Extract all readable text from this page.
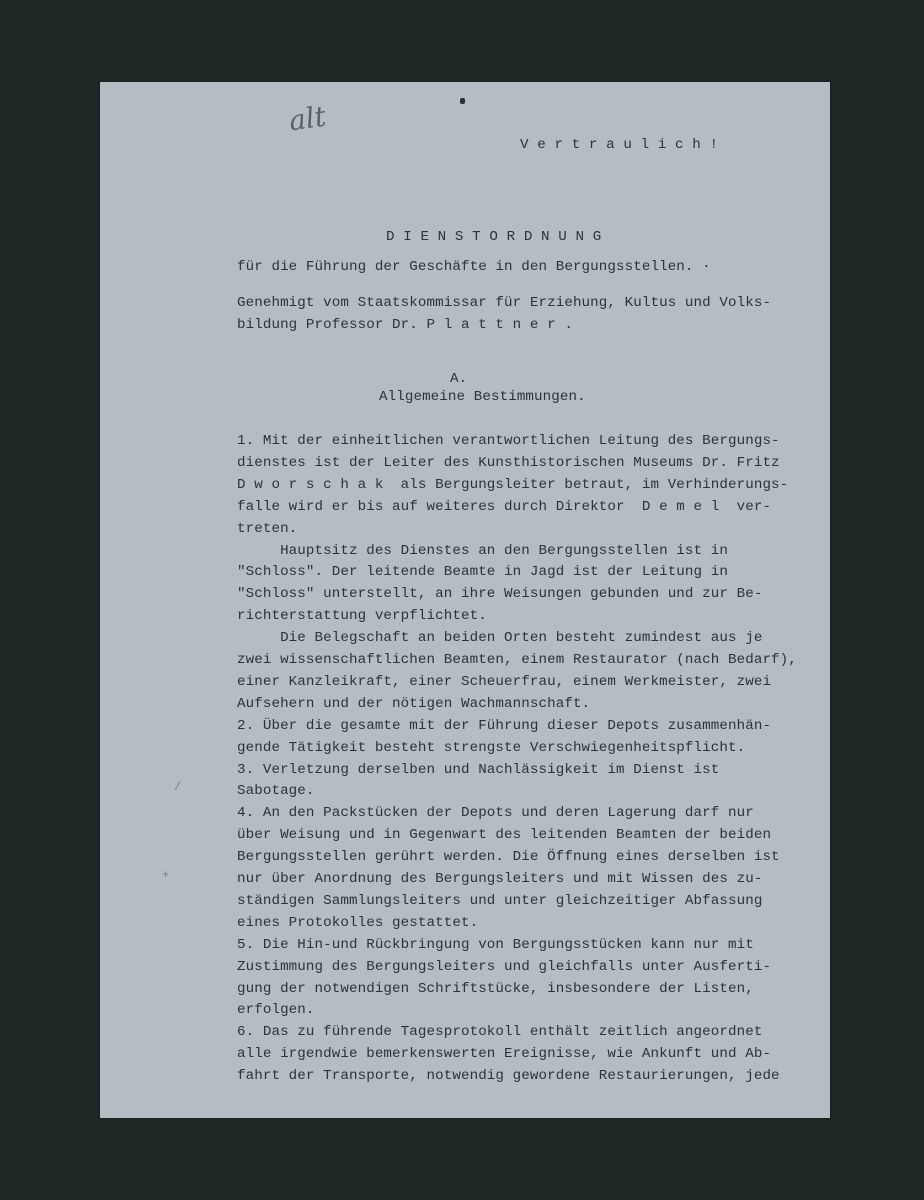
alt
V e r t r a u l i c h !
D I E N S T O R D N U N G
für die Führung der Geschäfte in den Bergungsstellen. ·
Genehmigt vom Staatskommissar für Erziehung, Kultus und Volks-
bildung Professor Dr. P l a t t n e r .
A.
Allgemeine Bestimmungen.
1. Mit der einheitlichen verantwortlichen Leitung des Bergungs-
dienstes ist der Leiter des Kunsthistorischen Museums Dr. Fritz
D w o r s c h a k  als Bergungsleiter betraut, im Verhinderungs-
falle wird er bis auf weiteres durch Direktor  D e m e l  ver-
treten.
Hauptsitz des Dienstes an den Bergungsstellen ist in
"Schloss". Der leitende Beamte in Jagd ist der Leitung in
"Schloss" unterstellt, an ihre Weisungen gebunden und zur Be-
richterstattung verpflichtet.
Die Belegschaft an beiden Orten besteht zumindest aus je
zwei wissenschaftlichen Beamten, einem Restaurator (nach Bedarf),
einer Kanzleikraft, einer Scheuerfrau, einem Werkmeister, zwei
Aufsehern und der nötigen Wachmannschaft.
2. Über die gesamte mit der Führung dieser Depots zusammenhän-
gende Tätigkeit besteht strengste Verschwiegenheitspflicht.
3. Verletzung derselben und Nachlässigkeit im Dienst ist
Sabotage.
4. An den Packstücken der Depots und deren Lagerung darf nur
über Weisung und in Gegenwart des leitenden Beamten der beiden
Bergungsstellen gerührt werden. Die Öffnung eines derselben ist
nur über Anordnung des Bergungsleiters und mit Wissen des zu-
ständigen Sammlungsleiters und unter gleichzeitiger Abfassung
eines Protokolles gestattet.
5. Die Hin-und Rückbringung von Bergungsstücken kann nur mit
Zustimmung des Bergungsleiters und gleichfalls unter Ausferti-
gung der notwendigen Schriftstücke, insbesondere der Listen,
erfolgen.
6. Das zu führende Tagesprotokoll enthält zeitlich angeordnet
alle irgendwie bemerkenswerten Ereignisse, wie Ankunft und Ab-
fahrt der Transporte, notwendig gewordene Restaurierungen, jede
/
+
